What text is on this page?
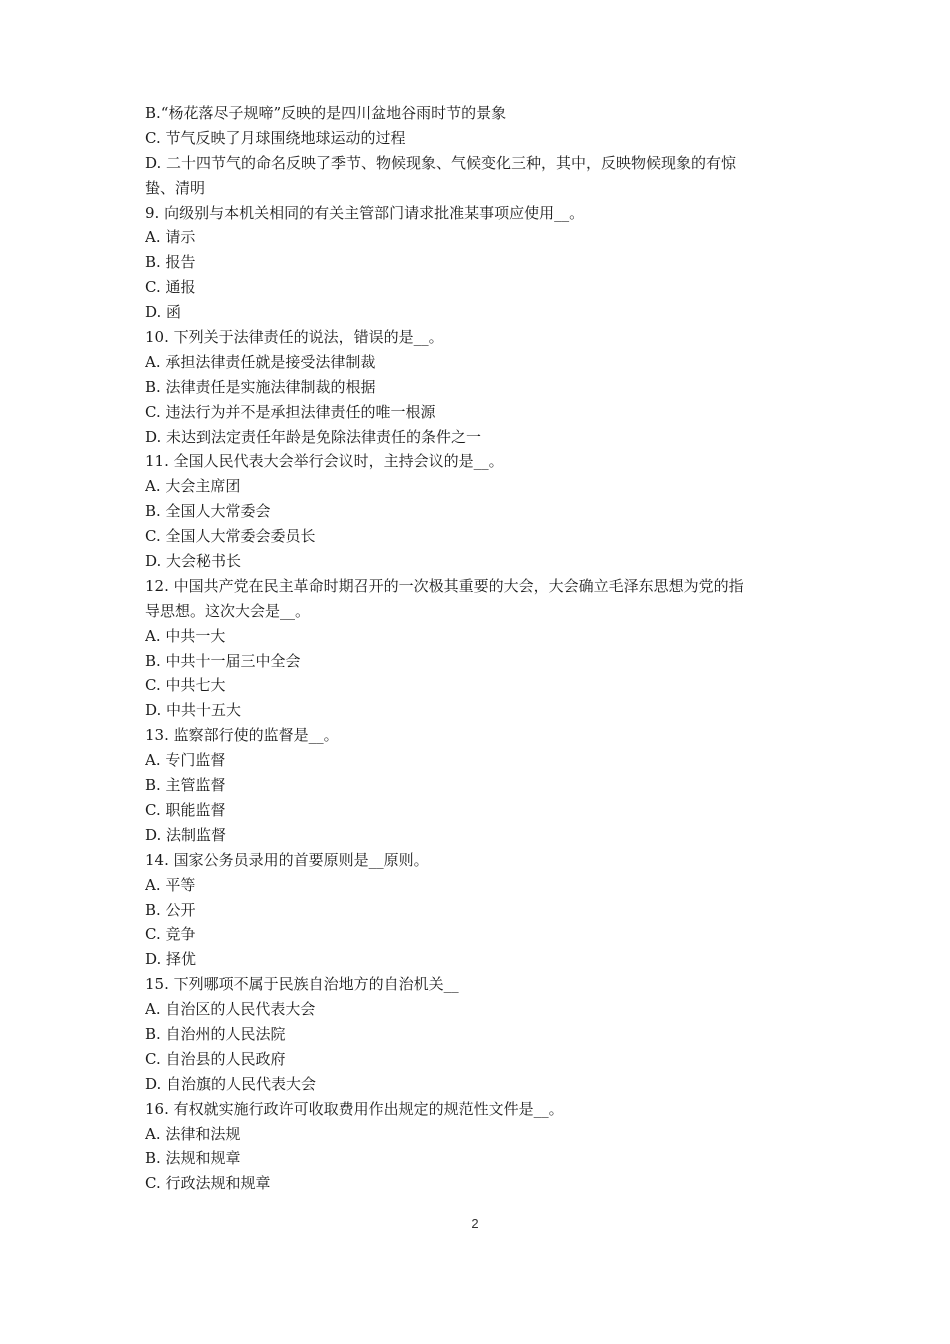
B.“杨花落尽子规啼”反映的是四川盆地谷雨时节的景象
C. 节气反映了月球围绕地球运动的过程
D. 二十四节气的命名反映了季节、物候现象、气候变化三种，其中，反映物候现象的有惊
蛰、清明
9. 向级别与本机关相同的有关主管部门请求批准某事项应使用__。
A. 请示
B. 报告
C. 通报
D. 函
10. 下列关于法律责任的说法，错误的是__。
A. 承担法律责任就是接受法律制裁
B. 法律责任是实施法律制裁的根据
C. 违法行为并不是承担法律责任的唯一根源
D. 未达到法定责任年龄是免除法律责任的条件之一
11. 全国人民代表大会举行会议时，主持会议的是__。
A. 大会主席团
B. 全国人大常委会
C. 全国人大常委会委员长
D. 大会秘书长
12. 中国共产党在民主革命时期召开的一次极其重要的大会，大会确立毛泽东思想为党的指
导思想。这次大会是__。
A. 中共一大
B. 中共十一届三中全会
C. 中共七大
D. 中共十五大
13. 监察部行使的监督是__。
A. 专门监督
B. 主管监督
C. 职能监督
D. 法制监督
14. 国家公务员录用的首要原则是__原则。
A. 平等
B. 公开
C. 竞争
D. 择优
15. 下列哪项不属于民族自治地方的自治机关__
A. 自治区的人民代表大会
B. 自治州的人民法院
C. 自治县的人民政府
D. 自治旗的人民代表大会
16. 有权就实施行政许可收取费用作出规定的规范性文件是__。
A. 法律和法规
B. 法规和规章
C. 行政法规和规章
2
